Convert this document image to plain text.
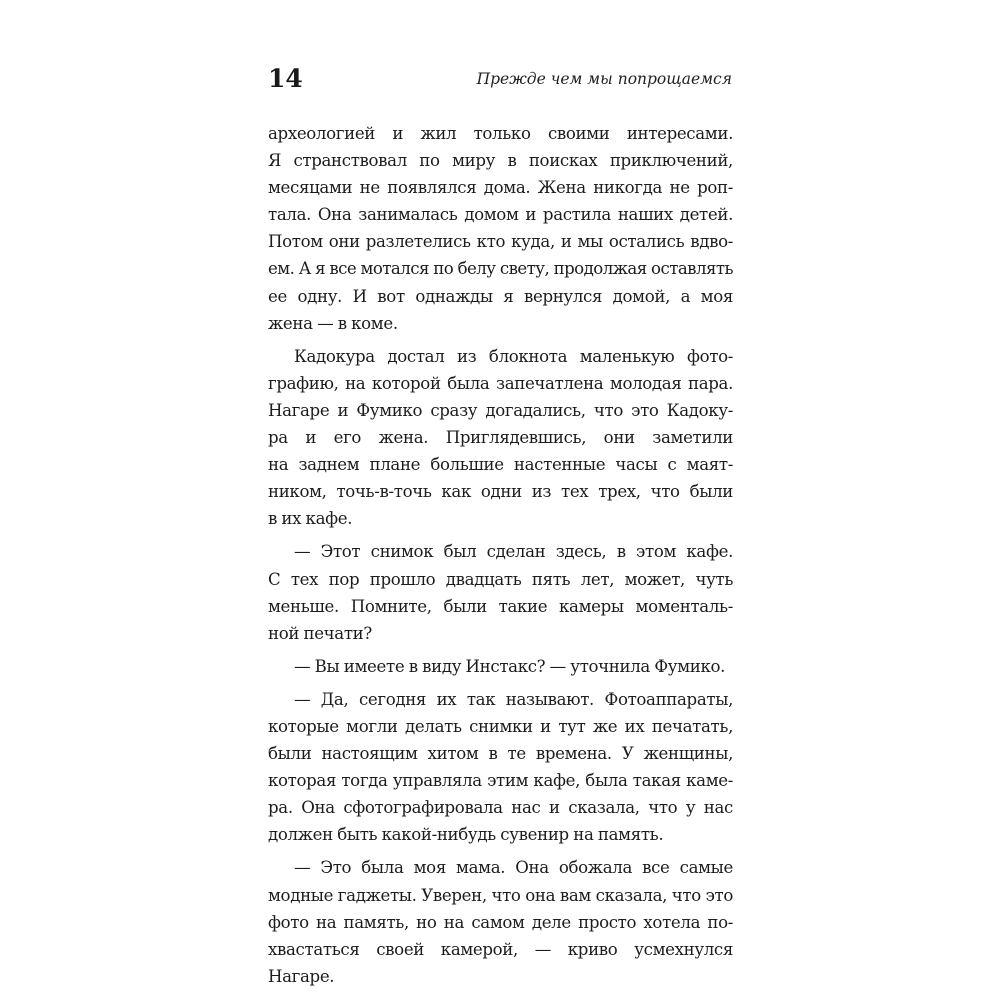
14	Прежде чем мы попрощаемся
археологией и жил только своими интересами.
Я странствовал по миру в поисках приключений,
месяцами не появлялся дома. Жена никогда не роп-
тала. Она занималась домом и растила наших детей.
Потом они разлетелись кто куда, и мы остались вдво-
ем. А я все мотался по белу свету, продолжая оставлять
ее одну. И вот однажды я вернулся домой, а моя
жена — в коме.
Кадокура достал из блокнота маленькую фото-
графию, на которой была запечатлена молодая пара.
Нагаре и Фумико сразу догадались, что это Кадоку-
ра и его жена. Приглядевшись, они заметили
на заднем плане большие настенные часы с маят-
ником, точь-в-точь как одни из тех трех, что были
в их кафе.
— Этот снимок был сделан здесь, в этом кафе.
С тех пор прошло двадцать пять лет, может, чуть
меньше. Помните, были такие камеры моменталь-
ной печати?
— Вы имеете в виду Инстакс? — уточнила Фумико.
— Да, сегодня их так называют. Фотоаппараты,
которые могли делать снимки и тут же их печатать,
были настоящим хитом в те времена. У женщины,
которая тогда управляла этим кафе, была такая каме-
ра. Она сфотографировала нас и сказала, что у нас
должен быть какой-нибудь сувенир на память.
— Это была моя мама. Она обожала все самые
модные гаджеты. Уверен, что она вам сказала, что это
фото на память, но на самом деле просто хотела по-
хвастаться своей камерой, — криво усмехнулся
Нагаре.
